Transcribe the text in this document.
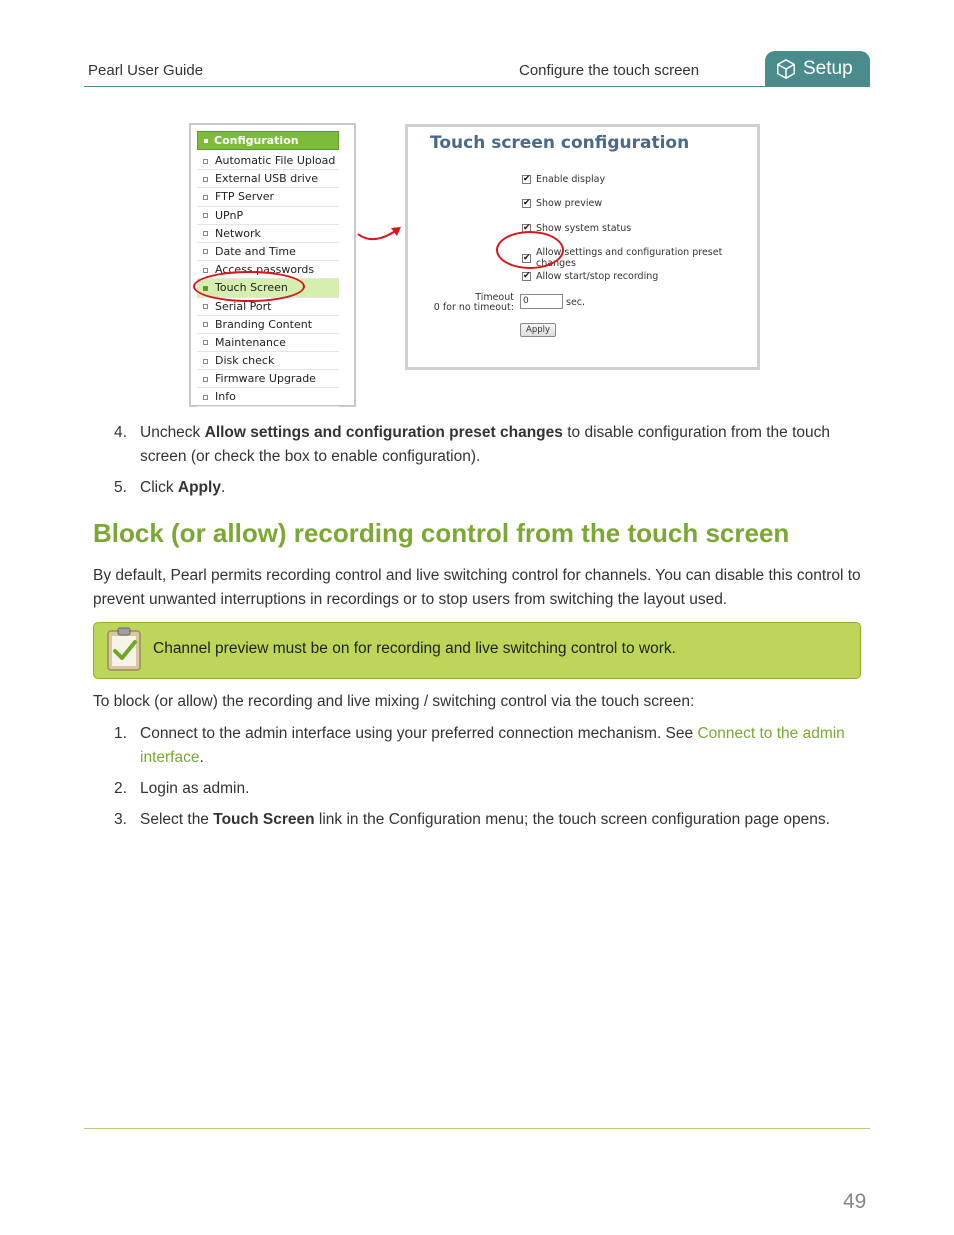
Pearl User Guide	Configure the touch screen	Setup
Configuration
Automatic File Upload
External USB drive
FTP Server
UPnP
Network
Date and Time
Access passwords
Touch Screen
Serial Port
Branding Content
Maintenance
Disk check
Firmware Upgrade
Info
Touch screen configuration
✔ Enable display
✔ Show preview
✔ Show system status
✔ Allow settings and configuration preset changes
✔ Allow start/stop recording
Timeout
0 for no timeout:
0	sec.
Apply
4. Uncheck Allow settings and configuration preset changes to disable configuration from the touch screen (or check the box to enable configuration).
5. Click Apply.
Block (or allow) recording control from the touch screen

By default, Pearl permits recording control and live switching control for channels. You can disable this control to prevent unwanted interruptions in recordings or to stop users from switching the layout used.

Channel preview must be on for recording and live switching control to work.

To block (or allow) the recording and live mixing / switching control via the touch screen:

1. Connect to the admin interface using your preferred connection mechanism. See Connect to the admin interface.
2. Login as admin.
3. Select the Touch Screen link in the Configuration menu; the touch screen configuration page opens.
49
